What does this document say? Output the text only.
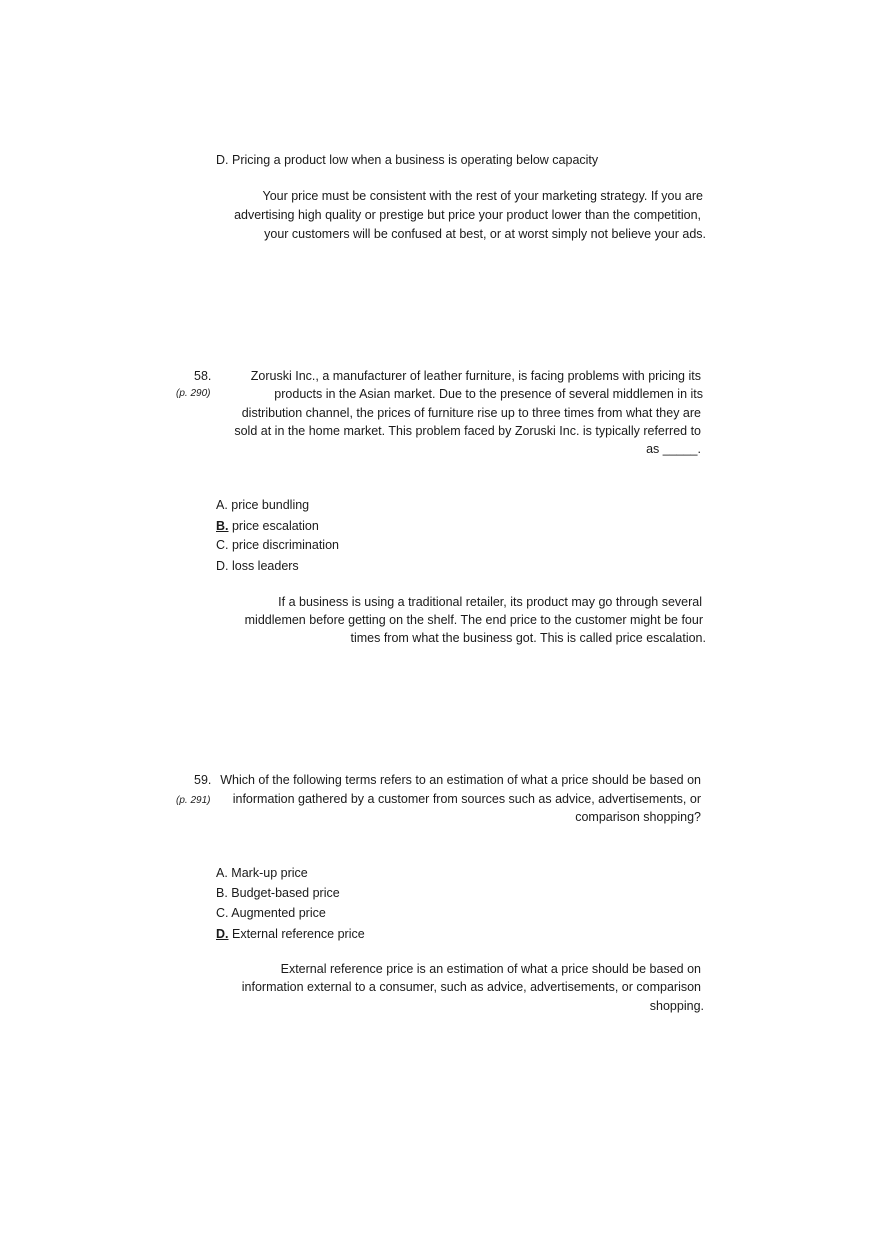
D. Pricing a product low when a business is operating below capacity
Your price must be consistent with the rest of your marketing strategy. If you are
advertising high quality or prestige but price your product lower than the competition,
your customers will be confused at best, or at worst simply not believe your ads.
58.
(p. 290)
Zoruski Inc., a manufacturer of leather furniture, is facing problems with pricing its
products in the Asian market. Due to the presence of several middlemen in its
distribution channel, the prices of furniture rise up to three times from what they are
sold at in the home market. This problem faced by Zoruski Inc. is typically referred to
as _____.
A. price bundling
B. price escalation
C. price discrimination
D. loss leaders
If a business is using a traditional retailer, its product may go through several
middlemen before getting on the shelf. The end price to the customer might be four
times from what the business got. This is called price escalation.
59.
(p. 291)
Which of the following terms refers to an estimation of what a price should be based on
information gathered by a customer from sources such as advice, advertisements, or
comparison shopping?
A. Mark-up price
B. Budget-based price
C. Augmented price
D. External reference price
External reference price is an estimation of what a price should be based on
information external to a consumer, such as advice, advertisements, or comparison
shopping.
